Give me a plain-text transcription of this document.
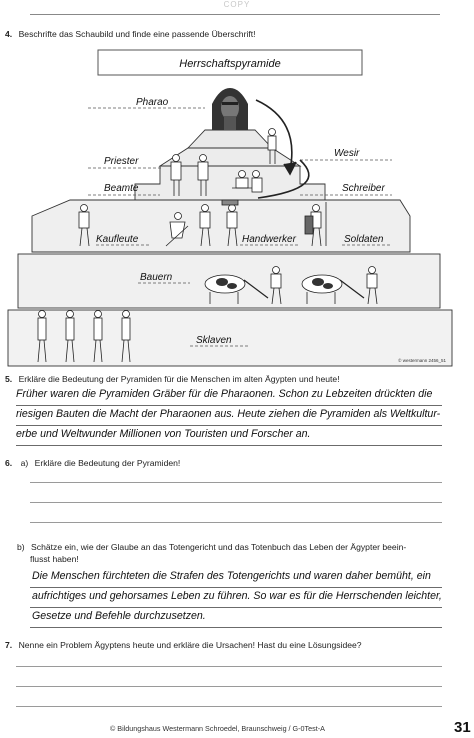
COPY
4. Beschrifte das Schaubild und finde eine passende Überschrift!
Herrschaftspyramide
Pharao
Wesir
Priester
Beamte	Schreiber
Kaufleute	Handwerker	Soldaten
Bauern
Sklaven
© westermann 2456_51
5. Erkläre die Bedeutung der Pyramiden für die Menschen im alten Ägypten und heute!
Früher waren die Pyramiden Gräber für die Pharaonen. Schon zu Lebzeiten drückten die
riesigen Bauten die Macht der Pharaonen aus. Heute ziehen die Pyramiden als Weltkultur-
erbe und Weltwunder Millionen von Touristen und Forscher an.
6. a) Erkläre die Bedeutung der Pyramiden!
b) Schätze ein, wie der Glaube an das Totengericht und das Totenbuch das Leben der Ägypter beein-
flusst haben!
Die Menschen fürchteten die Strafen des Totengerichts und waren daher bemüht, ein
aufrichtiges und gehorsames Leben zu führen. So war es für die Herrschenden leichter,
Gesetze und Befehle durchzusetzen.
7. Nenne ein Problem Ägyptens heute und erkläre die Ursachen! Hast du eine Lösungsidee?
© Bildungshaus Westermann Schroedel, Braunschweig / G-0Test-A	31
